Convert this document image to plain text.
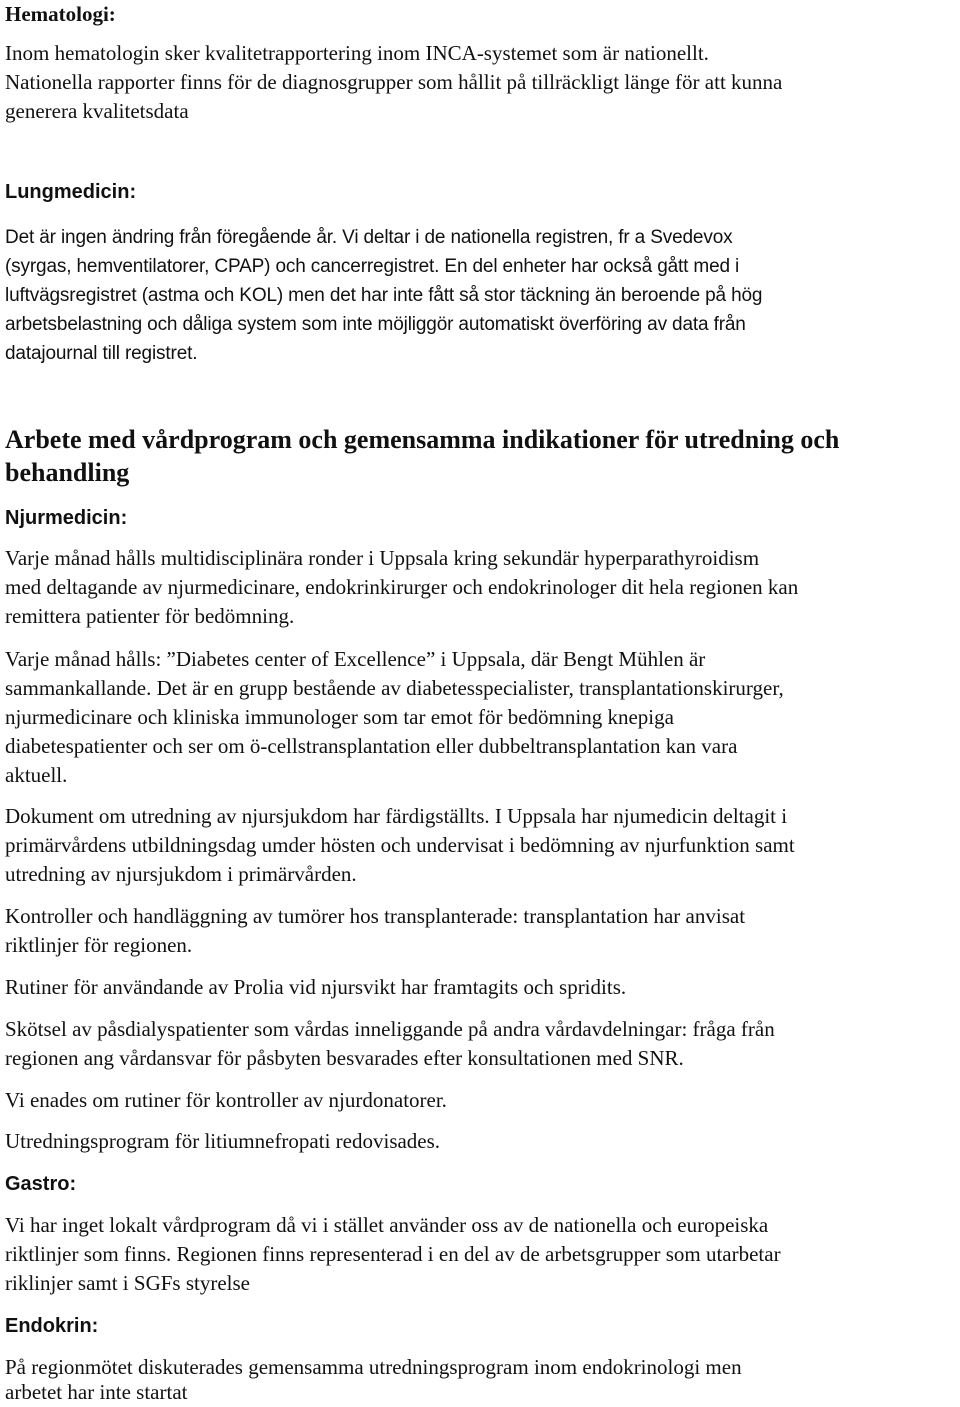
Hematologi:

Inom hematologin sker kvalitetrapportering inom INCA-systemet som är nationellt.

Nationella rapporter finns för de diagnosgrupper som hållit på tillräckligt länge för att kunna

generera kvalitetsdata

Lungmedicin:

Det är ingen ändring från föregående år. Vi deltar i de nationella registren, fr a Svedevox

(syrgas, hemventilatorer, CPAP) och cancerregistret. En del enheter har också gått med i

luftvägsregistret (astma och KOL) men det har inte fått så stor täckning än beroende på hög

arbetsbelastning och dåliga system som inte möjliggör automatiskt överföring av data från

datajournal till registret.

Arbete med vårdprogram och gemensamma indikationer för utredning och

behandling

Njurmedicin:

Varje månad hålls multidisciplinära ronder i Uppsala kring sekundär hyperparathyroidism

med deltagande av njurmedicinare, endokrinkirurger och endokrinologer dit hela regionen kan

remittera patienter för bedömning.

Varje månad hålls: ”Diabetes center of Excellence” i Uppsala, där Bengt Mühlen är

sammankallande. Det är en grupp bestående av diabetesspecialister, transplantationskirurger,

njurmedicinare och kliniska immunologer som tar emot för bedömning knepiga

diabetespatienter och ser om ö-cellstransplantation eller dubbeltransplantation kan vara

aktuell.

Dokument om utredning av njursjukdom har färdigställts. I Uppsala har njumedicin deltagit i

primärvårdens utbildningsdag umder hösten och undervisat i bedömning av njurfunktion samt

utredning av njursjukdom i primärvården.

Kontroller och handläggning av tumörer hos transplanterade: transplantation har anvisat

riktlinjer för regionen.

Rutiner för användande av Prolia vid njursvikt har framtagits och spridits.

Skötsel av påsdialyspatienter som vårdas inneliggande på andra vårdavdelningar: fråga från

regionen ang vårdansvar för påsbyten besvarades efter konsultationen med SNR.

Vi enades om rutiner för kontroller av njurdonatorer.

Utredningsprogram för litiumnefropati redovisades.

Gastro:

Vi har inget lokalt vårdprogram då vi i stället använder oss av de nationella och europeiska

riktlinjer som finns. Regionen finns representerad i en del av de arbetsgrupper som utarbetar

riklinjer samt i SGFs styrelse

Endokrin:

På regionmötet diskuterades gemensamma utredningsprogram inom endokrinologi men

arbetet har inte startat
